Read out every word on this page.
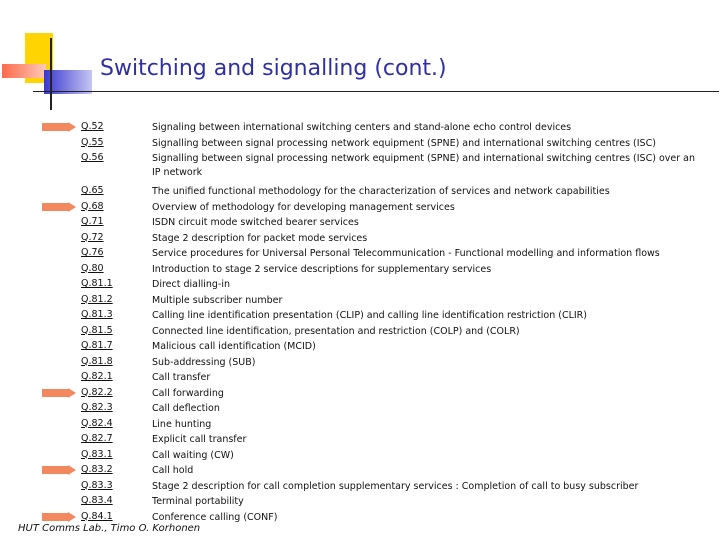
Switching and signalling (cont.)
Q.52	Signaling between international switching centers and stand-alone echo control devices
Q.55	Signalling between signal processing network equipment (SPNE) and international switching centres (ISC)
Q.56	Signalling between signal processing network equipment (SPNE) and international switching centres (ISC) over an IP network
Q.65	The unified functional methodology for the characterization of services and network capabilities
Q.68	Overview of methodology for developing management services
Q.71	ISDN circuit mode switched bearer services
Q.72	Stage 2 description for packet mode services
Q.76	Service procedures for Universal Personal Telecommunication - Functional modelling and information flows
Q.80	Introduction to stage 2 service descriptions for supplementary services
Q.81.1	Direct dialling-in
Q.81.2	Multiple subscriber number
Q.81.3	Calling line identification presentation (CLIP) and calling line identification restriction (CLIR)
Q.81.5	Connected line identification, presentation and restriction (COLP) and (COLR)
Q.81.7	Malicious call identification (MCID)
Q.81.8	Sub-addressing (SUB)
Q.82.1	Call transfer
Q.82.2	Call forwarding
Q.82.3	Call deflection
Q.82.4	Line hunting
Q.82.7	Explicit call transfer
Q.83.1	Call waiting (CW)
Q.83.2	Call hold
Q.83.3	Stage 2 description for call completion supplementary services : Completion of call to busy subscriber
Q.83.4	Terminal portability
Q.84.1	Conference calling (CONF)
HUT Comms Lab., Timo O. Korhonen
